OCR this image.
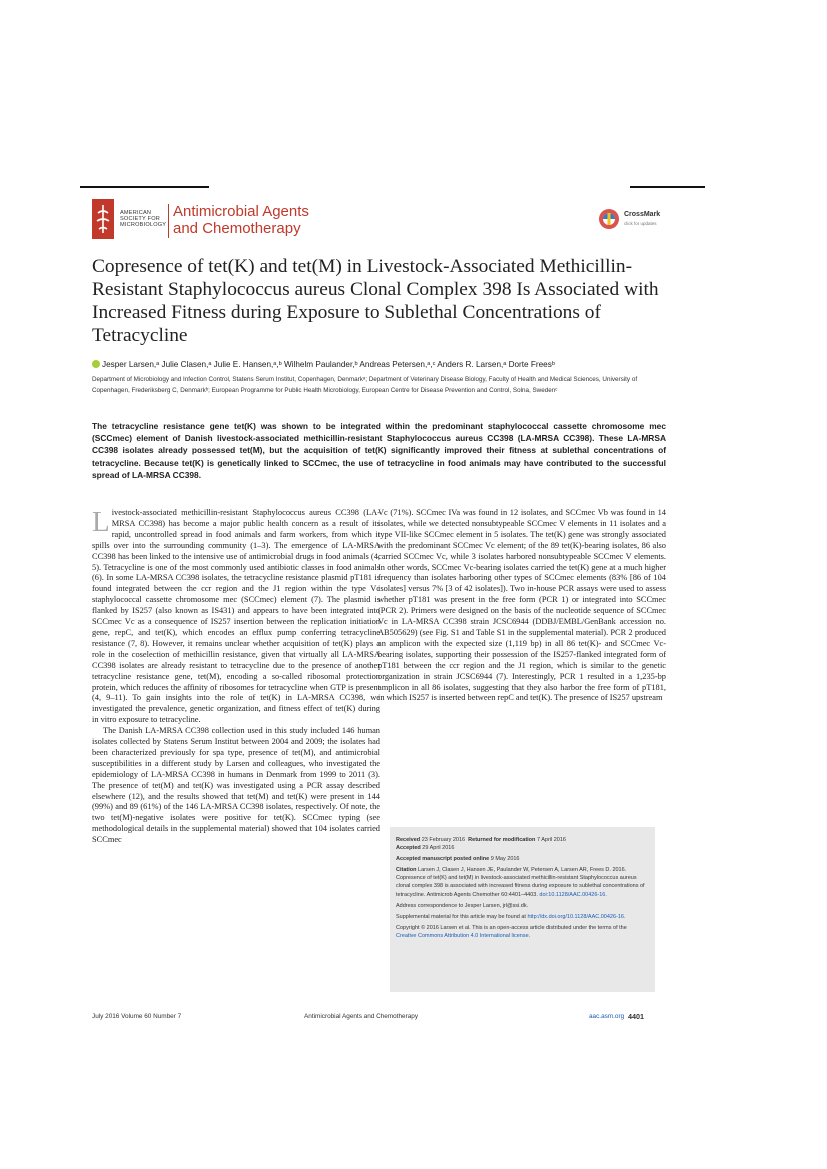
AMERICAN
SOCIETY FOR
MICROBIOLOGY
Antimicrobial Agents
and Chemotherapy
CrossMark
click for updates
Copresence of tet(K) and tet(M) in Livestock-Associated Methicillin-Resistant Staphylococcus aureus Clonal Complex 398 Is Associated with Increased Fitness during Exposure to Sublethal Concentrations of Tetracycline
Jesper Larsen,ᵃ Julie Clasen,ᵃ Julie E. Hansen,ᵃ,ᵇ Wilhelm Paulander,ᵇ Andreas Petersen,ᵃ,ᶜ Anders R. Larsen,ᵃ Dorte Freesᵇ
Department of Microbiology and Infection Control, Statens Serum Institut, Copenhagen, Denmarkᵃ; Department of Veterinary Disease Biology, Faculty of Health and Medical Sciences, University of Copenhagen, Frederiksberg C, Denmarkᵇ; European Programme for Public Health Microbiology, European Centre for Disease Prevention and Control, Solna, Swedenᶜ
The tetracycline resistance gene tet(K) was shown to be integrated within the predominant staphylococcal cassette chromosome mec (SCCmec) element of Danish livestock-associated methicillin-resistant Staphylococcus aureus CC398 (LA-MRSA CC398). These LA-MRSA CC398 isolates already possessed tet(M), but the acquisition of tet(K) significantly improved their fitness at sublethal concentrations of tetracycline. Because tet(K) is genetically linked to SCCmec, the use of tetracycline in food animals may have contributed to the successful spread of LA-MRSA CC398.

Livestock-associated methicillin-resistant Staphylococcus aureus CC398 (LA-MRSA CC398) has become a major public health concern as a result of its rapid, uncontrolled spread in food animals and farm workers, from which it spills over into the surrounding community (1–3). The emergence of LA-MRSA CC398 has been linked to the intensive use of antimicrobial drugs in food animals (4, 5). Tetracycline is one of the most commonly used antibiotic classes in food animals (6). In some LA-MRSA CC398 isolates, the tetracycline resistance plasmid pT181 is found integrated between the ccr region and the J1 region within the type Vc staphylococcal cassette chromosome mec (SCCmec) element (7). The plasmid is flanked by IS257 (also known as IS431) and appears to have been integrated into SCCmec Vc as a consequence of IS257 insertion between the replication initiation gene, repC, and tet(K), which encodes an efflux pump conferring tetracycline resistance (7, 8). However, it remains unclear whether acquisition of tet(K) plays a role in the coselection of methicillin resistance, given that virtually all LA-MRSA CC398 isolates are already resistant to tetracycline due to the presence of another tetracycline resistance gene, tet(M), encoding a so-called ribosomal protection protein, which reduces the affinity of ribosomes for tetracycline when GTP is present (4, 9–11). To gain insights into the role of tet(K) in LA-MRSA CC398, we investigated the prevalence, genetic organization, and fitness effect of tet(K) during in vitro exposure to tetracycline.

The Danish LA-MRSA CC398 collection used in this study included 146 human isolates collected by Statens Serum Institut between 2004 and 2009; the isolates had been characterized previously for spa type, presence of tet(M), and antimicrobial susceptibilities in a different study by Larsen and colleagues, who investigated the epidemiology of LA-MRSA CC398 in humans in Denmark from 1999 to 2011 (3). The presence of tet(M) and tet(K) was investigated using a PCR assay described elsewhere (12), and the results showed that tet(M) and tet(K) were present in 144 (99%) and 89 (61%) of the 146 LA-MRSA CC398 isolates, respectively. Of note, the two tet(M)-negative isolates were positive for tet(K). SCCmec typing (see methodological details in the supplemental material) showed that 104 isolates carried SCCmec

Vc (71%). SCCmec IVa was found in 12 isolates, and SCCmec Vb was found in 14 isolates, while we detected nonsubtypeable SCCmec V elements in 11 isolates and a type VII-like SCCmec element in 5 isolates. The tet(K) gene was strongly associated with the predominant SCCmec Vc element; of the 89 tet(K)-bearing isolates, 86 also carried SCCmec Vc, while 3 isolates harbored nonsubtypeable SCCmec V elements. In other words, SCCmec Vc-bearing isolates carried the tet(K) gene at a much higher frequency than isolates harboring other types of SCCmec elements (83% [86 of 104 isolates] versus 7% [3 of 42 isolates]). Two in-house PCR assays were used to assess whether pT181 was present in the free form (PCR 1) or integrated into SCCmec (PCR 2). Primers were designed on the basis of the nucleotide sequence of SCCmec Vc in LA-MRSA CC398 strain JCSC6944 (DDBJ/EMBL/GenBank accession no. AB505629) (see Fig. S1 and Table S1 in the supplemental material). PCR 2 produced an amplicon with the expected size (1,119 bp) in all 86 tet(K)- and SCCmec Vc-bearing isolates, supporting their possession of the IS257-flanked integrated form of pT181 between the ccr region and the J1 region, which is similar to the genetic organization in strain JCSC6944 (7). Interestingly, PCR 1 resulted in a 1,235-bp amplicon in all 86 isolates, suggesting that they also harbor the free form of pT181, in which IS257 is inserted between repC and tet(K). The presence of IS257 upstream

Received 23 February 2016 Returned for modification 7 April 2016
Accepted 29 April 2016

Accepted manuscript posted online 9 May 2016

Citation Larsen J, Clasen J, Hansen JE, Paulander W, Petersen A, Larsen AR, Frees D. 2016. Copresence of tet(K) and tet(M) in livestock-associated methicillin-resistant Staphylococcus aureus clonal complex 398 is associated with increased fitness during exposure to sublethal concentrations of tetracycline. Antimicrob Agents Chemother 60:4401–4403. doi:10.1128/AAC.00426-16.

Address correspondence to Jesper Larsen, jrl@ssi.dk.

Supplemental material for this article may be found at http://dx.doi.org/10.1128/AAC.00426-16.

Copyright © 2016 Larsen et al. This is an open-access article distributed under the terms of the Creative Commons Attribution 4.0 International license.

July 2016 Volume 60 Number 7	Antimicrobial Agents and Chemotherapy	aac.asm.org 4401
